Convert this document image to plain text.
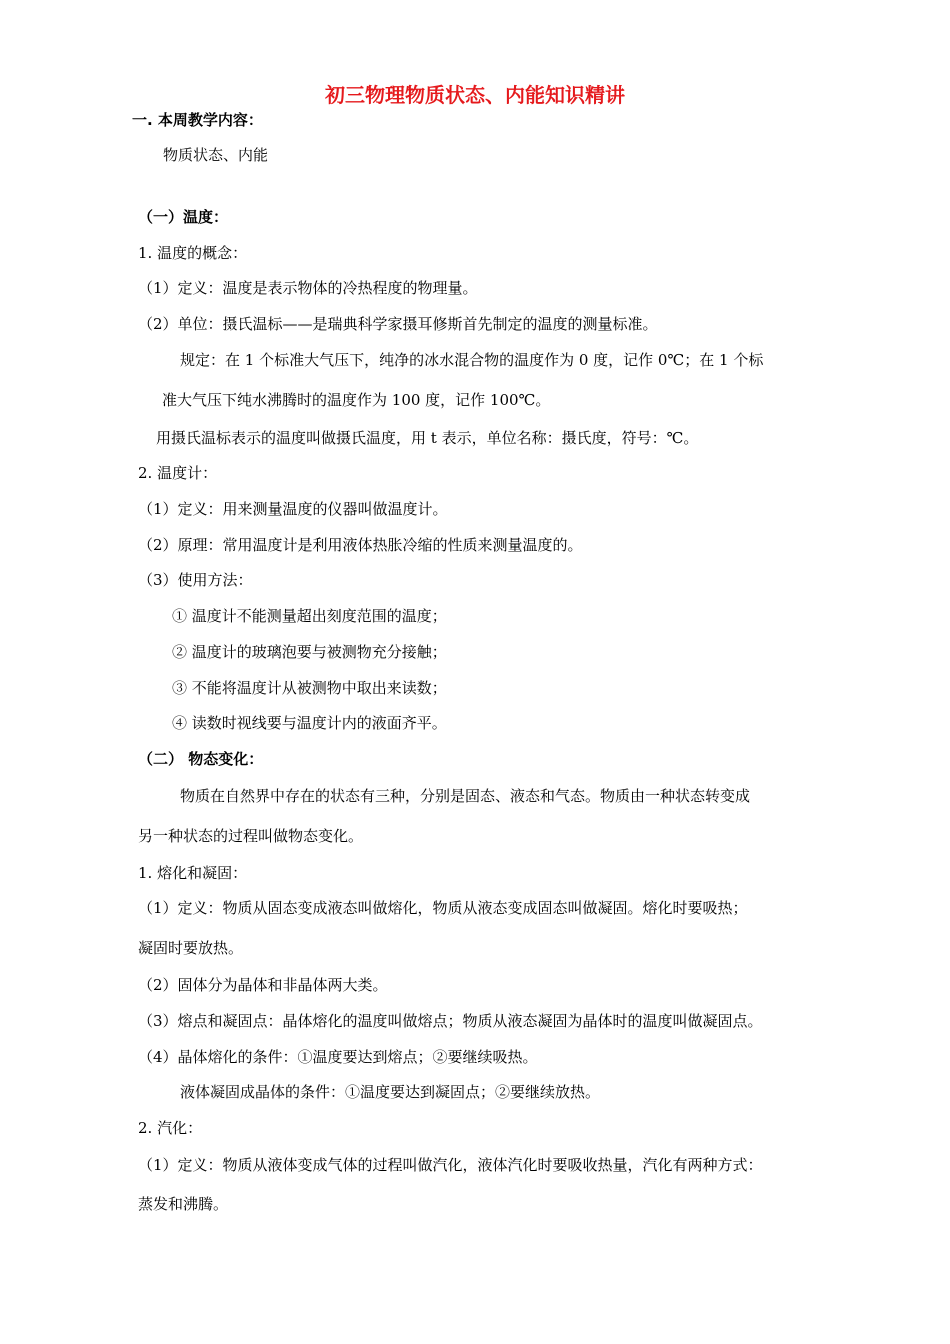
初三物理物质状态、内能知识精讲
一. 本周教学内容：
物质状态、内能
（一）温度：
1. 温度的概念：
（1）定义：温度是表示物体的冷热程度的物理量。
（2）单位：摄氏温标——是瑞典科学家摄耳修斯首先制定的温度的测量标准。
规定：在 1 个标准大气压下，纯净的冰水混合物的温度作为 0 度，记作 0℃；在 1 个标
准大气压下纯水沸腾时的温度作为 100 度，记作 100℃。
用摄氏温标表示的温度叫做摄氏温度，用 t 表示，单位名称：摄氏度，符号：℃。
2. 温度计：
（1）定义：用来测量温度的仪器叫做温度计。
（2）原理：常用温度计是利用液体热胀冷缩的性质来测量温度的。
（3）使用方法：
① 温度计不能测量超出刻度范围的温度；
② 温度计的玻璃泡要与被测物充分接触；
③ 不能将温度计从被测物中取出来读数；
④ 读数时视线要与温度计内的液面齐平。
（二） 物态变化：
物质在自然界中存在的状态有三种，分别是固态、液态和气态。物质由一种状态转变成
另一种状态的过程叫做物态变化。
1. 熔化和凝固：
（1）定义：物质从固态变成液态叫做熔化，物质从液态变成固态叫做凝固。熔化时要吸热；
凝固时要放热。
（2）固体分为晶体和非晶体两大类。
（3）熔点和凝固点：晶体熔化的温度叫做熔点；物质从液态凝固为晶体时的温度叫做凝固点。
（4）晶体熔化的条件：①温度要达到熔点；②要继续吸热。
液体凝固成晶体的条件：①温度要达到凝固点；②要继续放热。
2. 汽化：
（1）定义：物质从液体变成气体的过程叫做汽化，液体汽化时要吸收热量，汽化有两种方式：
蒸发和沸腾。
